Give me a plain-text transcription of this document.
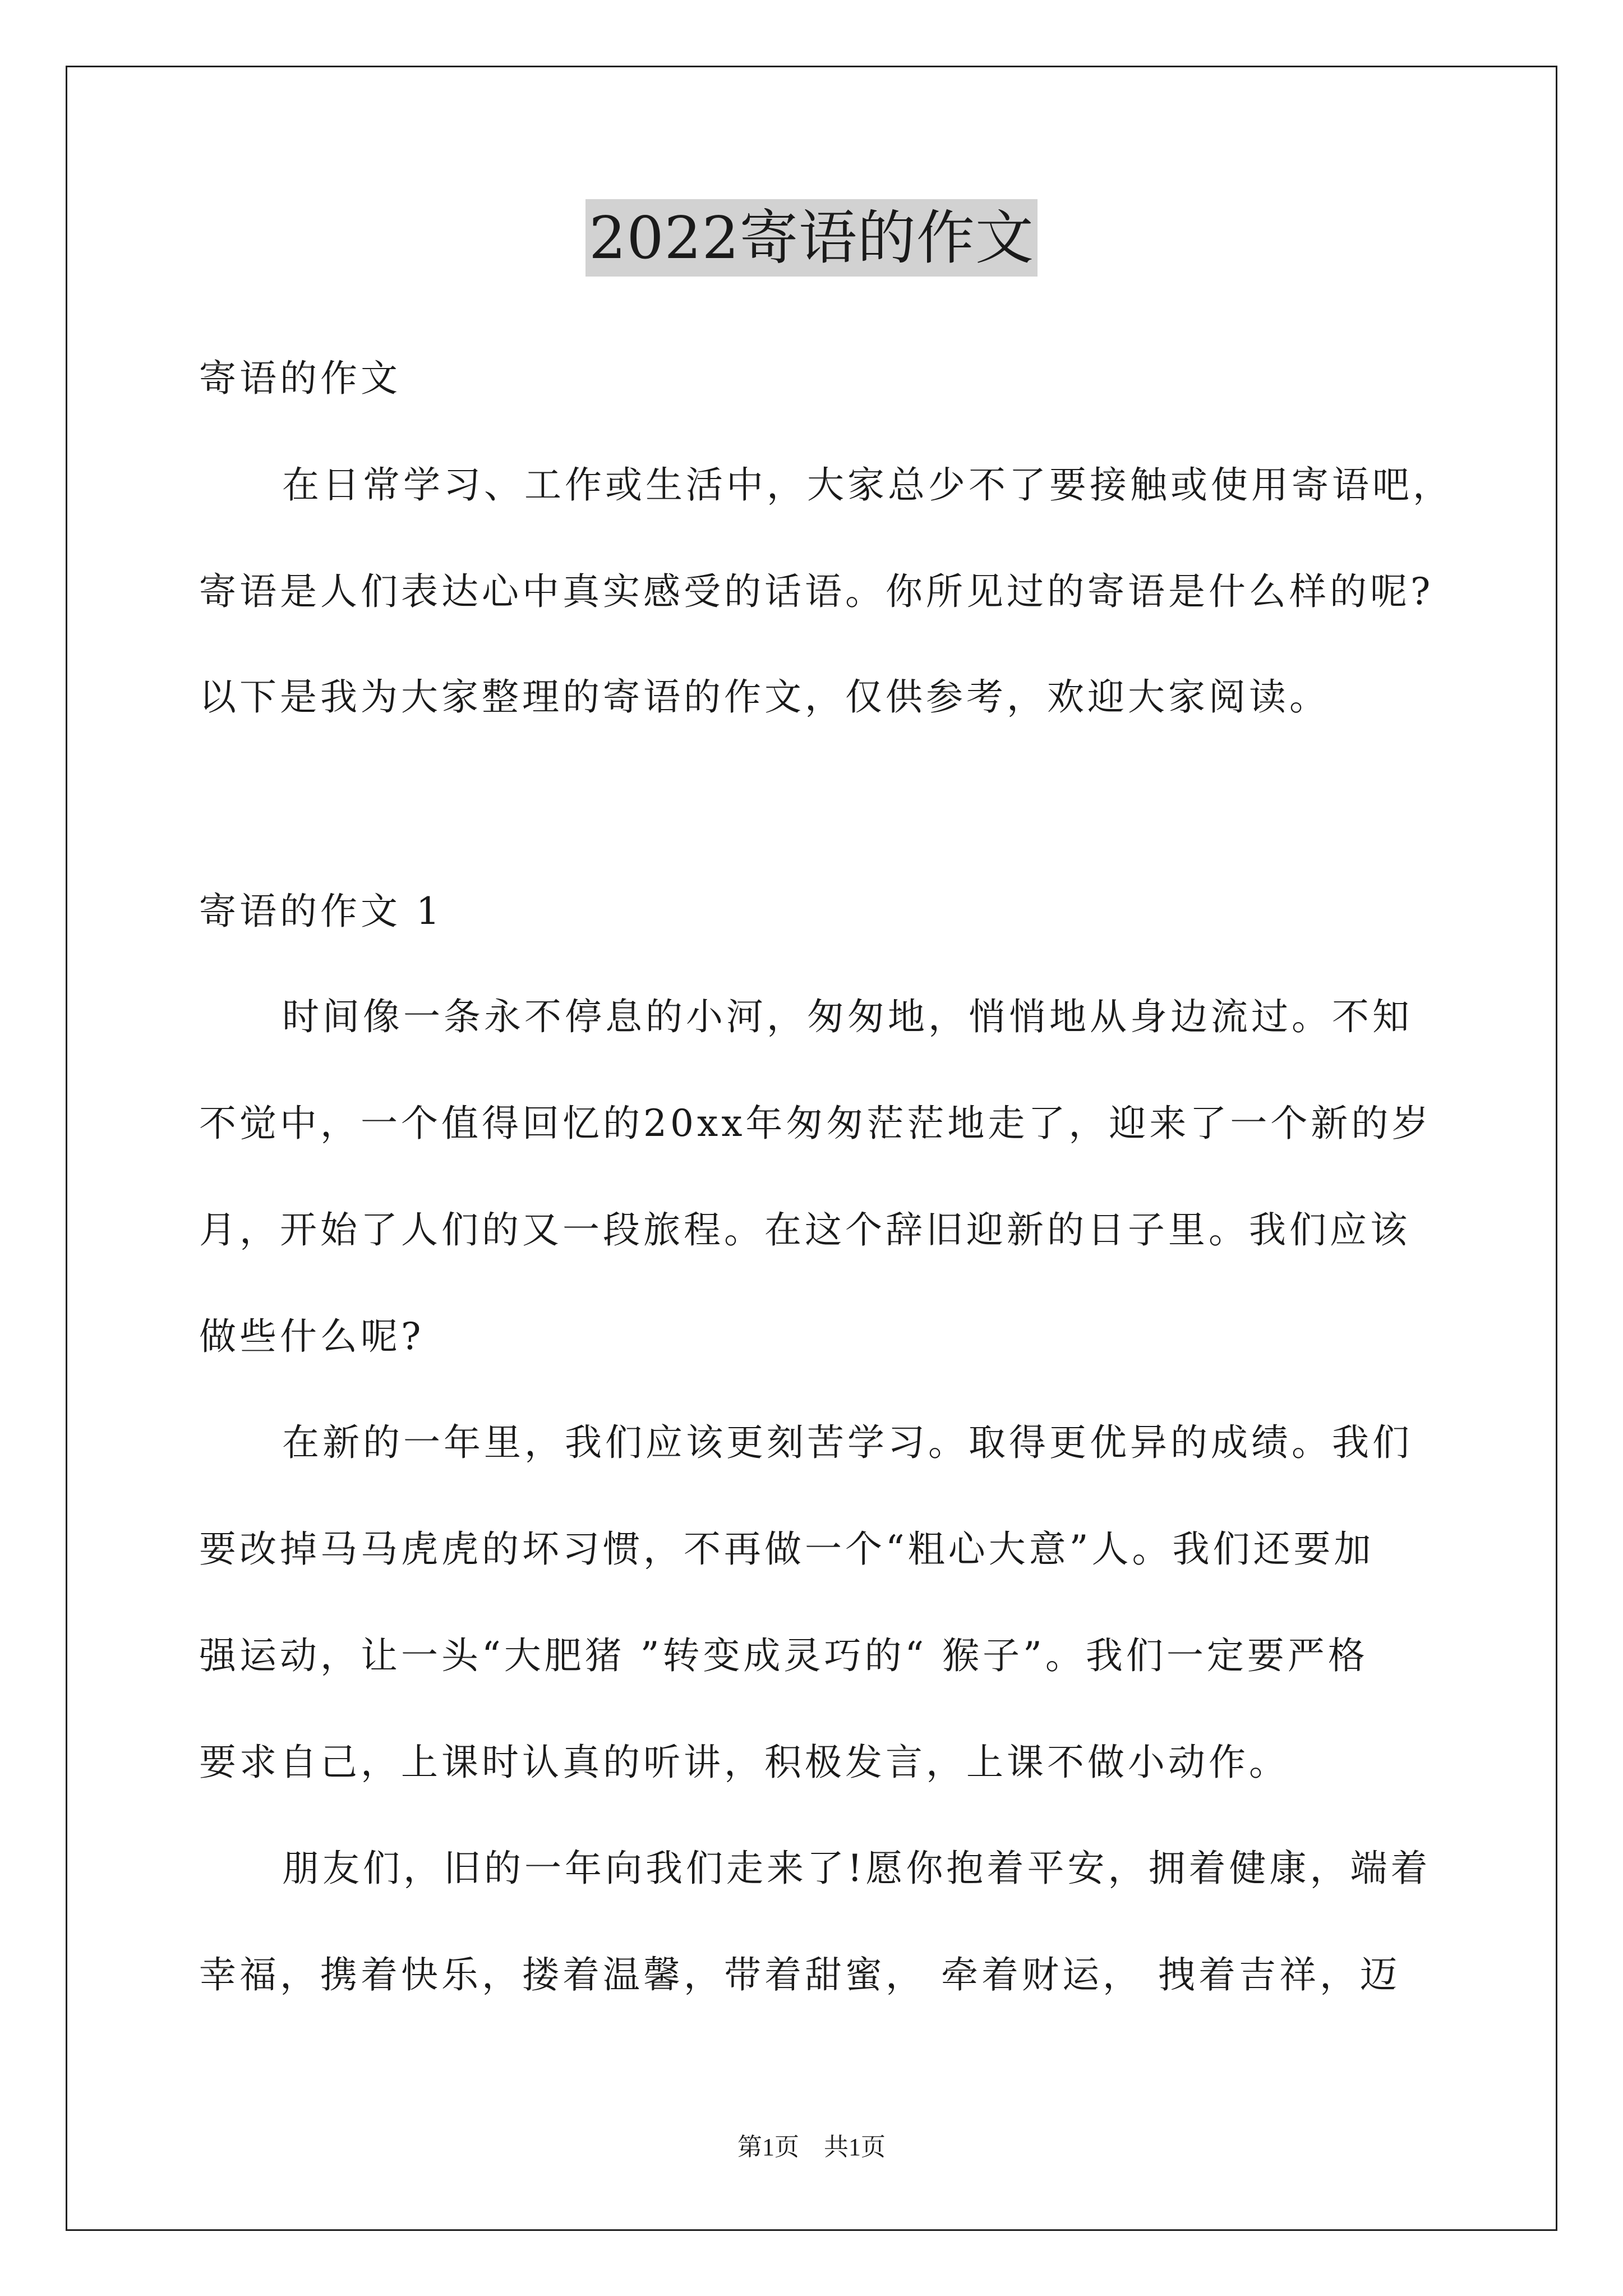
2022寄语的作文
寄语的作文
在日常学习、工作或生活中，大家总少不了要接触或使用寄语吧，
寄语是人们表达心中真实感受的话语。你所见过的寄语是什么样的呢?
以下是我为大家整理的寄语的作文，仅供参考，欢迎大家阅读。
寄语的作文 1
时间像一条永不停息的小河，匆匆地，悄悄地从身边流过。不知
不觉中，一个值得回忆的20xx年匆匆茫茫地走了，迎来了一个新的岁
月，开始了人们的又一段旅程。在这个辞旧迎新的日子里。我们应该
做些什么呢?
在新的一年里，我们应该更刻苦学习。取得更优异的成绩。我们
要改掉马马虎虎的坏习惯，不再做一个“粗心大意”人。我们还要加
强运动，让一头“大肥猪 ”转变成灵巧的“ 猴子”。我们一定要严格
要求自己，上课时认真的听讲，积极发言，上课不做小动作。
朋友们，旧的一年向我们走来了!愿你抱着平安，拥着健康，端着
幸福，携着快乐，搂着温馨，带着甜蜜， 牵着财运， 拽着吉祥，迈
第1页　共1页
